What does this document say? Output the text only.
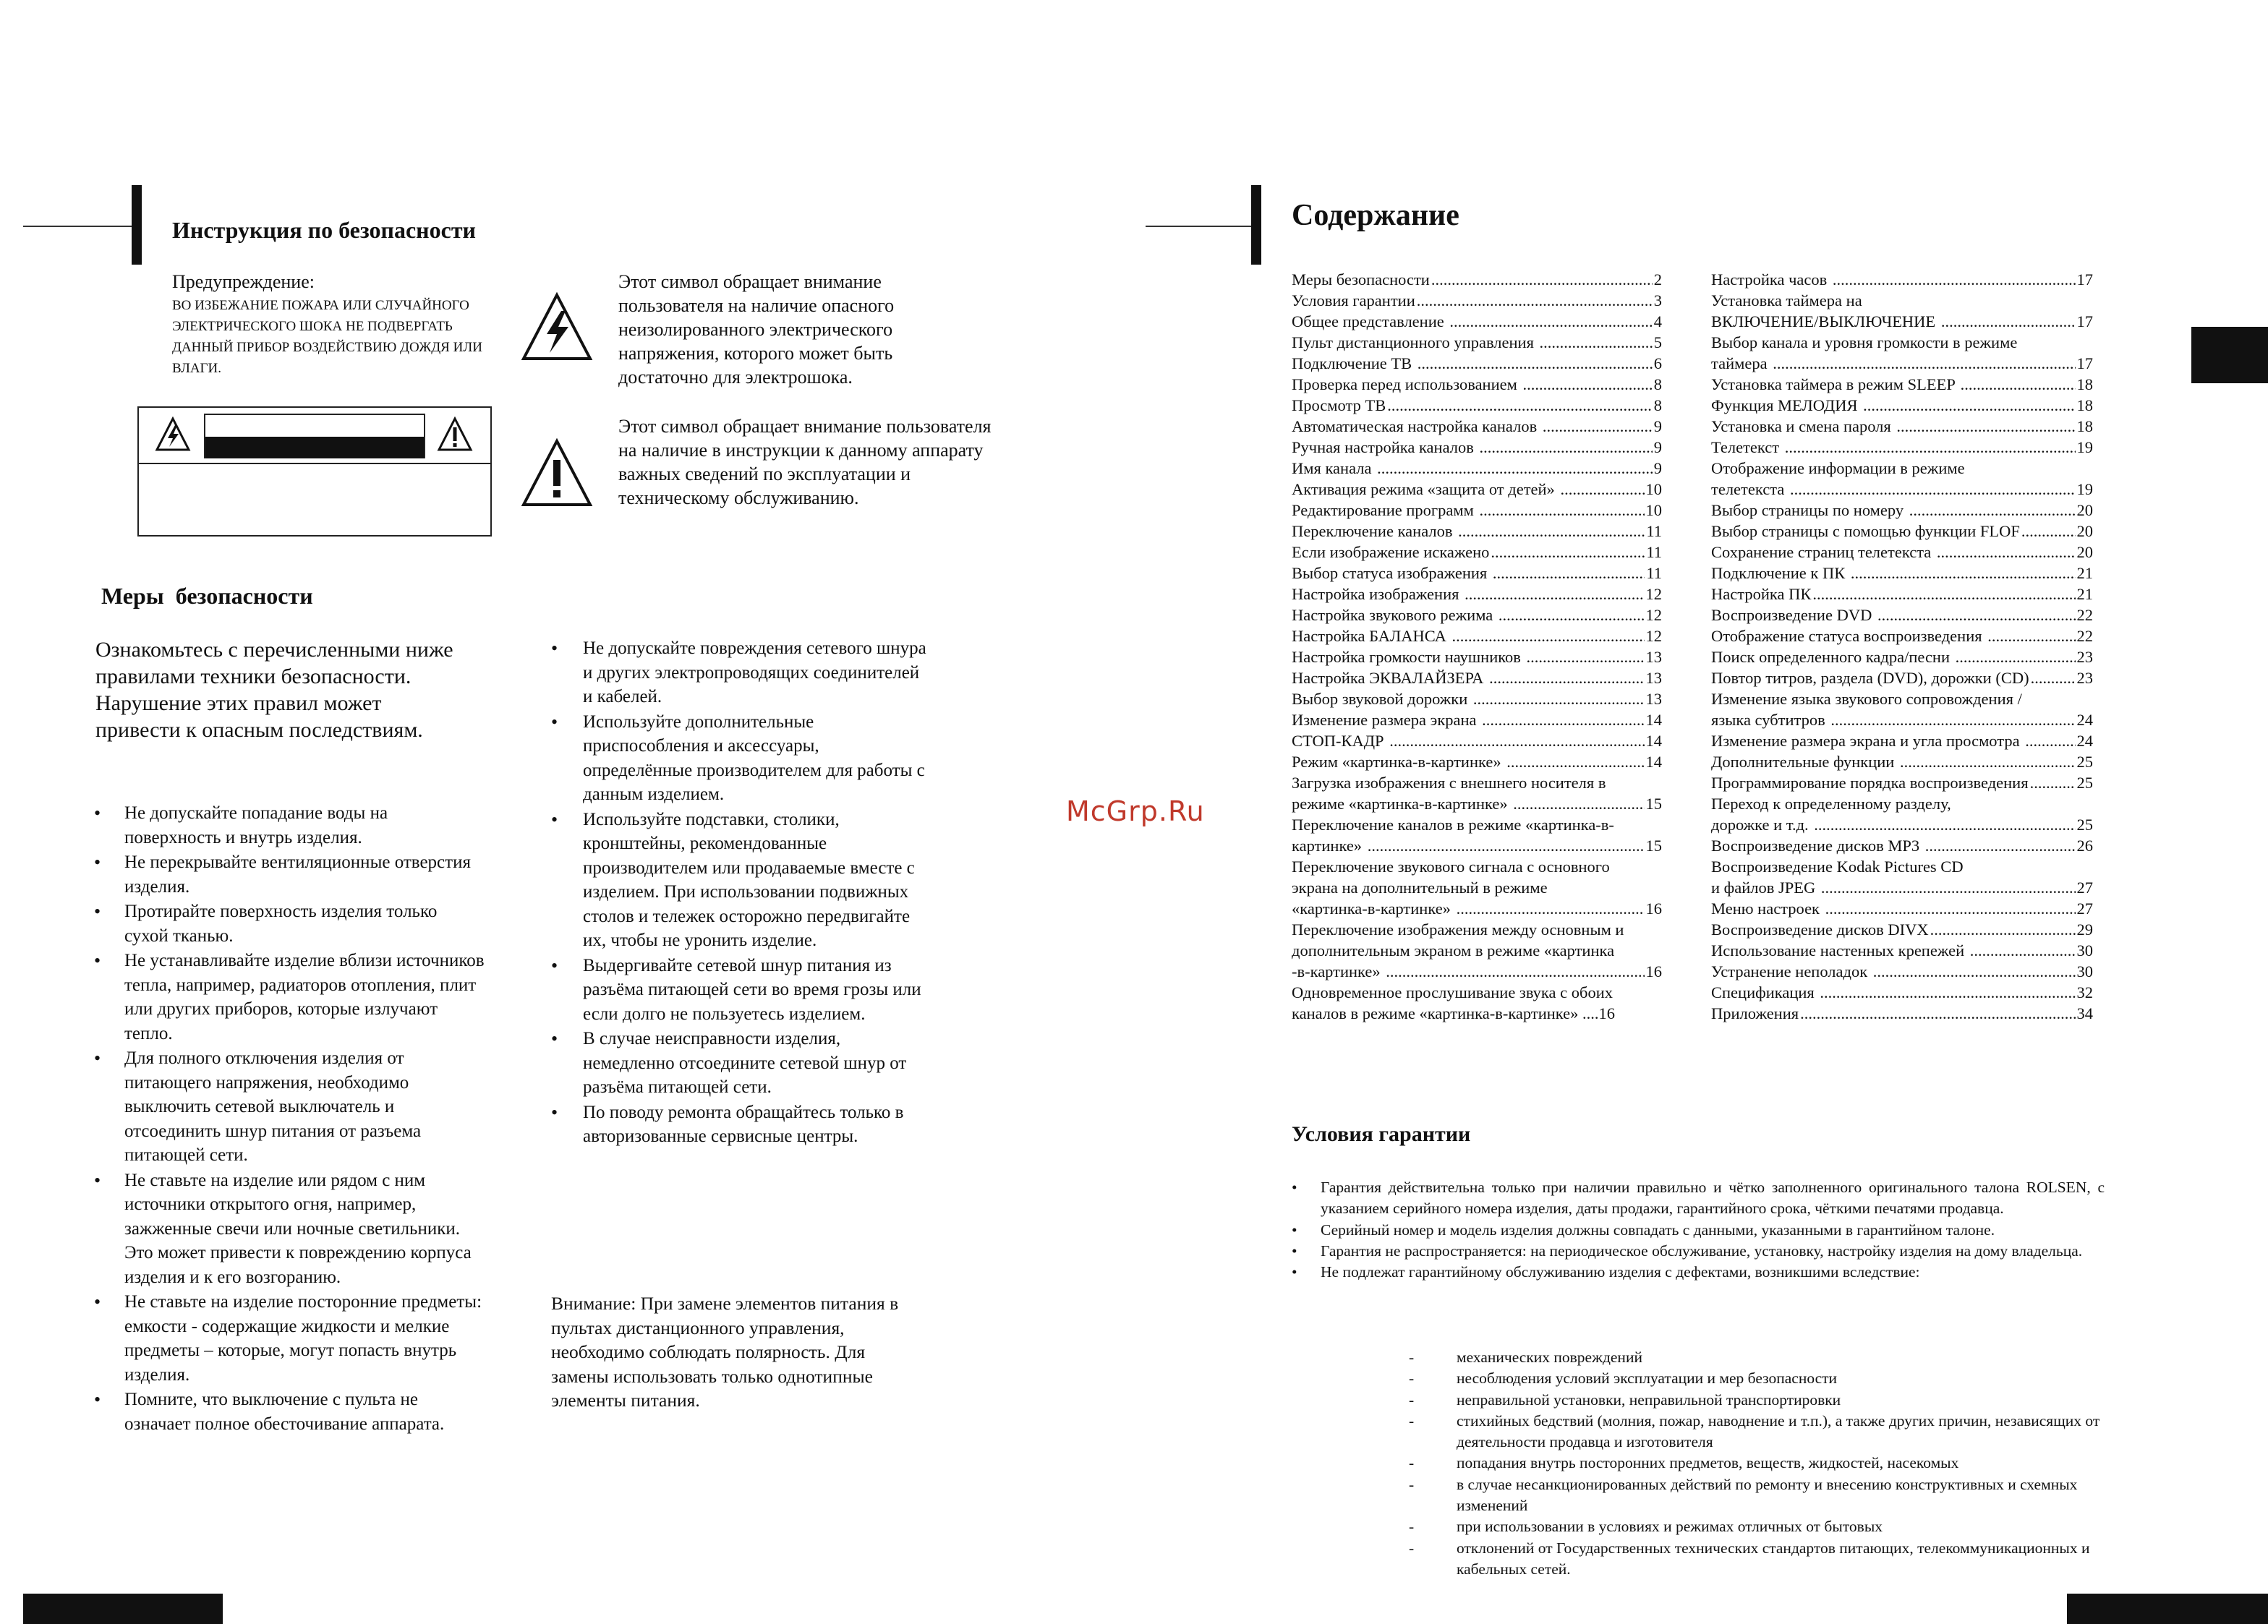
Инструкция по безопасности
Предупреждение:
ВО ИЗБЕЖАНИЕ ПОЖАРА ИЛИ СЛУЧАЙНОГО ЭЛЕКТРИЧЕСКОГО ШОКА НЕ ПОДВЕРГАТЬ ДАННЫЙ ПРИБОР ВОЗДЕЙСТВИЮ ДОЖДЯ ИЛИ ВЛАГИ.
Этот символ обращает внимание пользователя на наличие опасного неизолированного электрического напряжения, которого может быть достаточно для электрошока.
Этот символ обращает внимание пользователя на наличие в инструкции к данному аппарату важных сведений по эксплуатации и техническому обслуживанию.
Меры  безопасности
Ознакомьтесь с перечисленными ниже правилами техники безопасности. Нарушение этих правил может привести к опасным последствиям.
• Не допускайте попадание воды на поверхность и внутрь изделия.
• Не перекрывайте вентиляционные отверстия изделия.
• Протирайте поверхность изделия только сухой тканью.
• Не устанавливайте изделие вблизи источников тепла, например, радиаторов отопления, плит или других приборов, которые излучают тепло.
• Для полного отключения изделия от питающего напряжения, необходимо выключить сетевой выключатель и отсоединить шнур питания от разъема питающей сети.
• Не ставьте на изделие или рядом с ним источники открытого огня, например, зажженные свечи или ночные светильники. Это может привести к повреждению корпуса изделия и к его возгоранию.
• Не ставьте на изделие посторонние предметы: емкости - содержащие жидкости и мелкие предметы – которые, могут попасть внутрь изделия.
• Помните, что выключение с пульта не означает полное обесточивание аппарата.
• Не допускайте повреждения сетевого шнура и других электропроводящих соединителей и кабелей.
• Используйте дополнительные приспособления и аксессуары, определённые производителем для работы с данным изделием.
• Используйте подставки, столики, кронштейны, рекомендованные производителем или продаваемые вместе с изделием. При использовании подвижных столов и тележек осторожно передвигайте их, чтобы не уронить изделие.
• Выдергивайте сетевой шнур питания из разъёма питающей сети во время грозы или если долго не пользуетесь изделием.
• В случае неисправности изделия, немедленно отсоедините сетевой шнур от разъёма питающей сети.
• По поводу ремонта обращайтесь только в авторизованные сервисные центры.
Внимание: При замене элементов питания в пультах дистанционного управления, необходимо соблюдать полярность. Для замены использовать только однотипные элементы питания.
McGrp.Ru
Содержание
Меры безопасности .....	2
Условия гарантии .....	3
Общее представление .....	4
Пульт дистанционного управления .....	5
Подключение ТВ .....	6
Проверка перед использованием .....	8
Просмотр ТВ .....	8
Автоматическая настройка каналов .....	9
Ручная настройка каналов .....	9
Имя канала .....	9
Активация режима «защита от детей» .....	10
Редактирование программ .....	10
Переключение каналов .....	11
Если изображение искажено .....	11
Выбор статуса изображения .....	11
Настройка изображения .....	12
Настройка звукового режима .....	12
Настройка БАЛАНСА .....	12
Настройка громкости наушников .....	13
Настройка ЭКВАЛАЙЗЕРА .....	13
Выбор звуковой дорожки .....	13
Изменение размера экрана .....	14
СТОП-КАДР .....	14
Режим «картинка-в-картинке» .....	14
Загрузка изображения с внешнего носителя в
режиме «картинка-в-картинке» .....	15
Переключение каналов в режиме «картинка-в-
картинке» .....	15
Переключение звукового сигнала с основного
экрана на дополнительный в режиме
«картинка-в-картинке» .....	16
Переключение изображения между основным и
дополнительным экраном в режиме «картинка
-в-картинке» .....	16
Одновременное прослушивание звука с обоих
каналов в режиме «картинка-в-картинке» ....16
Настройка часов .....	17
Установка таймера на
ВКЛЮЧЕНИЕ/ВЫКЛЮЧЕНИЕ .....	17
Выбор канала и уровня громкости в режиме
таймера .....	17
Установка таймера в режим SLEEP .....	18
Функция МЕЛОДИЯ .....	18
Установка и смена пароля .....	18
Телетекст .....	19
Отображение информации в режиме
телетекста .....	19
Выбор страницы по номеру .....	20
Выбор страницы с помощью функции FLOF .....	20
Сохранение страниц телетекста .....	20
Подключение к ПК .....	21
Настройка ПК .....	21
Воспроизведение DVD .....	22
Отображение статуса воспроизведения .....	22
Поиск определенного кадра/песни .....	23
Повтор титров, раздела (DVD), дорожки (CD) .....	23
Изменение языка звукового сопровождения /
языка субтитров .....	24
Изменение размера экрана и угла просмотра .....	24
Дополнительные функции .....	25
Программирование порядка воспроизведения .....	25
Переход к определенному разделу,
дорожке и т.д. .....	25
Воспроизведение дисков MP3 .....	26
Воспроизведение Kodak Pictures CD
и файлов JPEG .....	27
Меню настроек .....	27
Воспроизведение дисков DIVX .....	29
Использование настенных крепежей .....	30
Устранение неполадок .....	30
Спецификация .....	32
Приложения .....	34
Условия гарантии
• Гарантия действительна только при наличии правильно и чётко заполненного оригинального талона ROLSEN, с указанием серийного номера изделия, даты продажи, гарантийного срока, чёткими печатями продавца.
• Серийный номер и модель изделия должны совпадать с данными, указанными в гарантийном талоне.
• Гарантия не распространяется: на периодическое обслуживание, установку, настройку изделия на дому владельца.
• Не подлежат гарантийному обслуживанию изделия с дефектами, возникшими вследствие:
- механических повреждений
- несоблюдения условий эксплуатации и мер безопасности
- неправильной установки, неправильной транспортировки
- стихийных бедствий (молния, пожар, наводнение и т.п.), а также других причин, независящих от деятельности продавца и изготовителя
- попадания внутрь посторонних предметов, веществ, жидкостей, насекомых
- в случае несанкционированных действий по ремонту и внесению конструктивных и схемных изменений
- при использовании в условиях и режимах отличных от бытовых
- отклонений от Государственных технических стандартов питающих, телекоммуникационных и кабельных сетей.
